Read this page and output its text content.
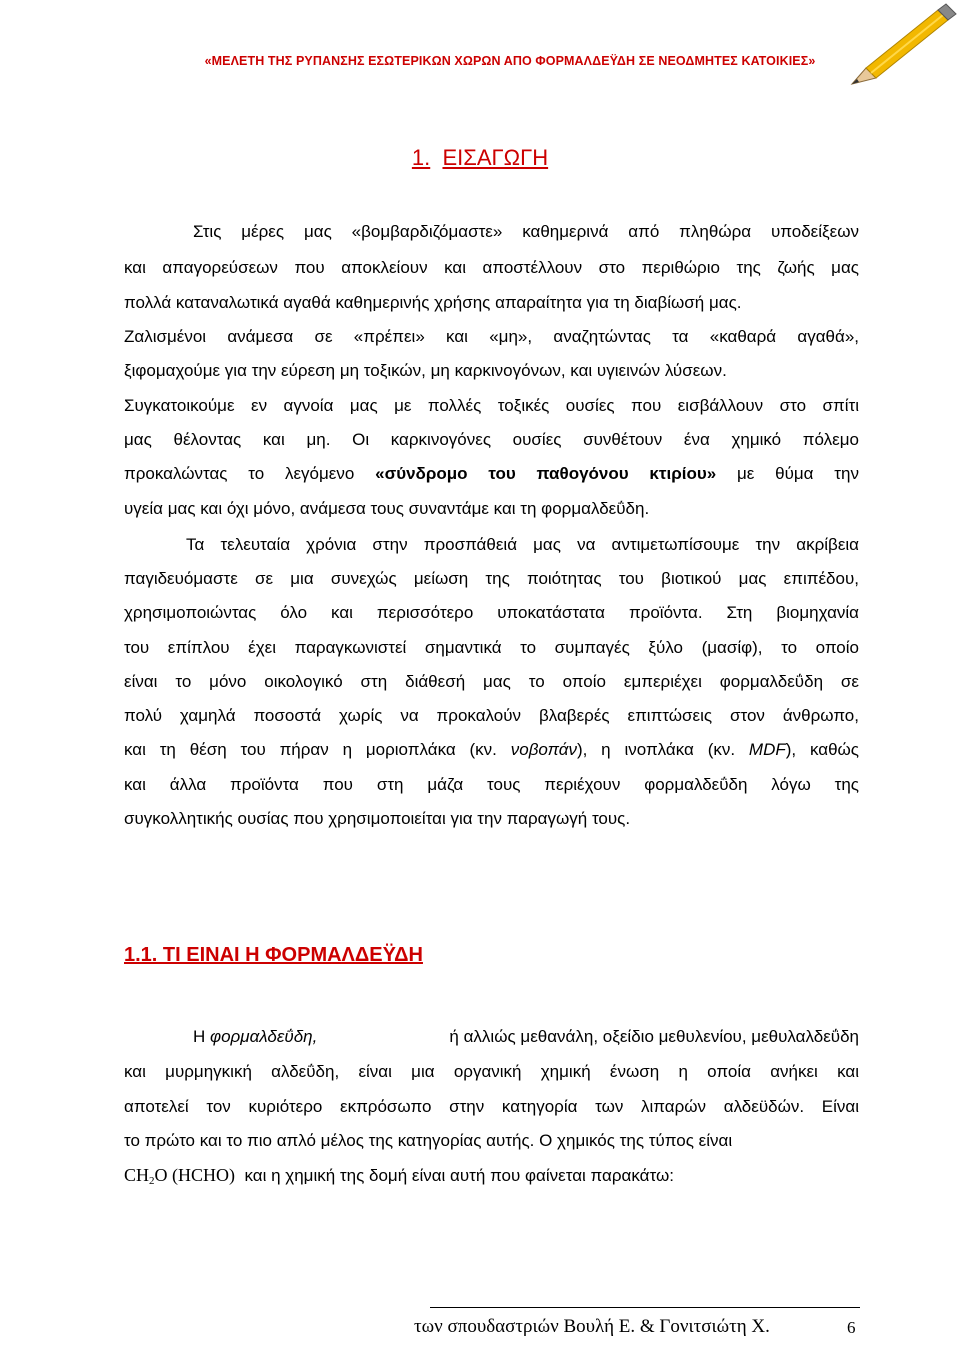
«ΜΕΛΕΤΗ ΤΗΣ ΡΥΠΑΝΣΗΣ ΕΣΩΤΕΡΙΚΩΝ ΧΩΡΩΝ ΑΠΟ ΦΟΡΜΑΛΔΕΫΔΗ ΣΕ ΝΕΟΔΜΗΤΕΣ ΚΑΤΟΙΚΙΕΣ»
1. ΕΙΣΑΓΩΓΗ
Στις μέρες μας «βομβαρδιζόμαστε» καθημερινά από πληθώρα υποδείξεων
και απαγορεύσεων που αποκλείουν και αποστέλλουν στο περιθώριο της ζωής μας
πολλά καταναλωτικά αγαθά καθημερινής χρήσης απαραίτητα για τη διαβίωσή μας.
Ζαλισμένοι ανάμεσα σε «πρέπει» και «μη», αναζητώντας τα «καθαρά αγαθά»,
ξιφομαχούμε για την εύρεση μη τοξικών, μη καρκινογόνων, και υγιεινών λύσεων.
Συγκατοικούμε εν αγνοία μας με πολλές τοξικές ουσίες που εισβάλλουν στο σπίτι
μας θέλοντας και μη. Οι καρκινογόνες ουσίες συνθέτουν ένα χημικό πόλεμο
προκαλώντας το λεγόμενο «σύνδρομο του παθογόνου κτιρίου» με θύμα την
υγεία μας και όχι μόνο, ανάμεσα τους συναντάμε και τη φορμαλδεΰδη.
Τα τελευταία χρόνια στην προσπάθειά μας να αντιμετωπίσουμε την ακρίβεια
παγιδευόμαστε σε μια συνεχώς μείωση της ποιότητας του βιοτικού μας επιπέδου,
χρησιμοποιώντας όλο και περισσότερο υποκατάστατα προϊόντα. Στη βιομηχανία
του επίπλου έχει παραγκωνιστεί σημαντικά το συμπαγές ξύλο (μασίφ), το οποίο
είναι το μόνο οικολογικό στη διάθεσή μας το οποίο εμπεριέχει φορμαλδεΰδη σε
πολύ χαμηλά ποσοστά χωρίς να προκαλούν βλαβερές επιπτώσεις στον άνθρωπο,
και τη θέση του πήραν η μοριοπλάκα (κν. νοβοπάν), η ινοπλάκα (κν. MDF), καθώς
και άλλα προϊόντα που στη μάζα τους περιέχουν φορμαλδεΰδη λόγω της
συγκολλητικής ουσίας που χρησιμοποιείται για την παραγωγή τους.
1.1. ΤΙ ΕΙΝΑΙ Η ΦΟΡΜΑΛΔΕΫΔΗ
Η φορμαλδεΰδη,	ή αλλιώς μεθανάλη, οξείδιο μεθυλενίου, μεθυλαλδεΰδη
και μυρμηγκική αλδεΰδη, είναι μια οργανική χημική ένωση η οποία ανήκει και
αποτελεί τον κυριότερο εκπρόσωπο στην κατηγορία των λιπαρών αλδεϋδών. Είναι
το πρώτο και το πιο απλό μέλος της κατηγορίας αυτής. Ο χημικός της τύπος είναι
CH2O (HCHO) και η χημική της δομή είναι αυτή που φαίνεται παρακάτω:
των σπουδαστριών Βουλή Ε. & Γονιτσιώτη Χ.	6
